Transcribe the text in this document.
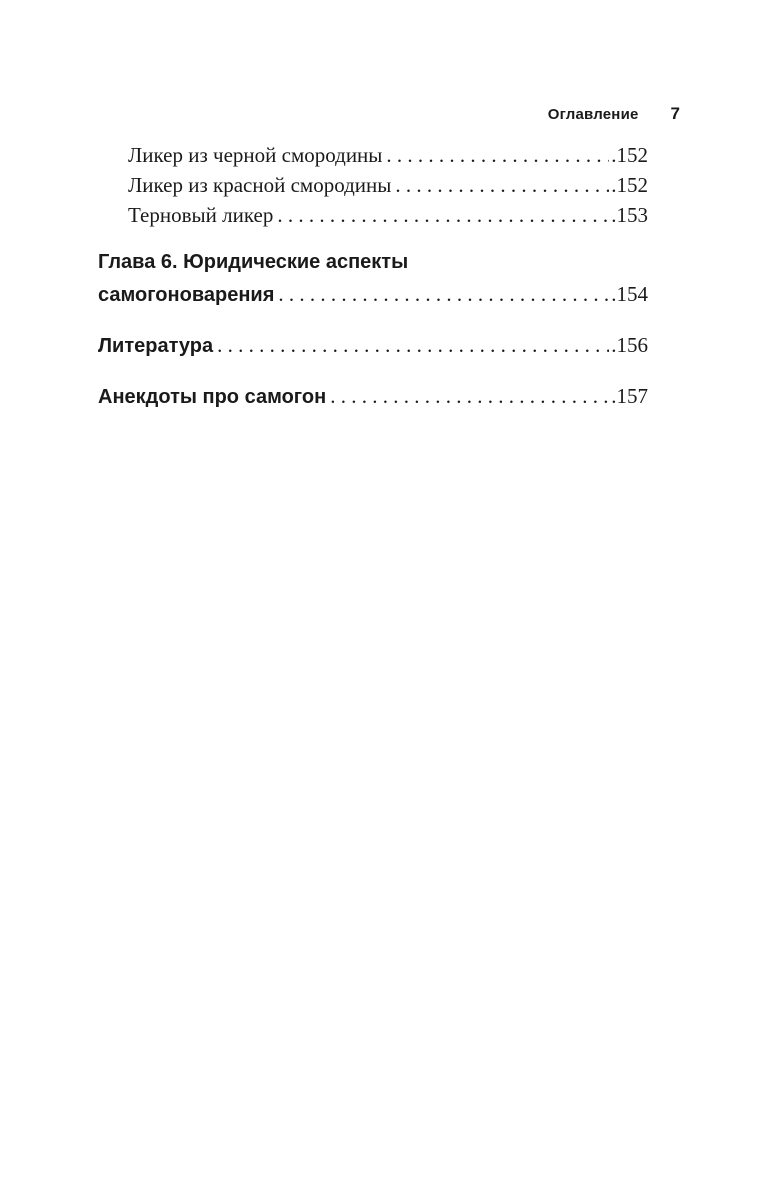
Оглавление 7
Ликер из черной смородины . . .	.152
Ликер из красной смородины . . .	.152
Терновый ликер . . .	.153
Глава 6. Юридические аспекты
самогоноварения . . .	.154
Литература . . .	.156
Анекдоты про самогон . . .	.157
